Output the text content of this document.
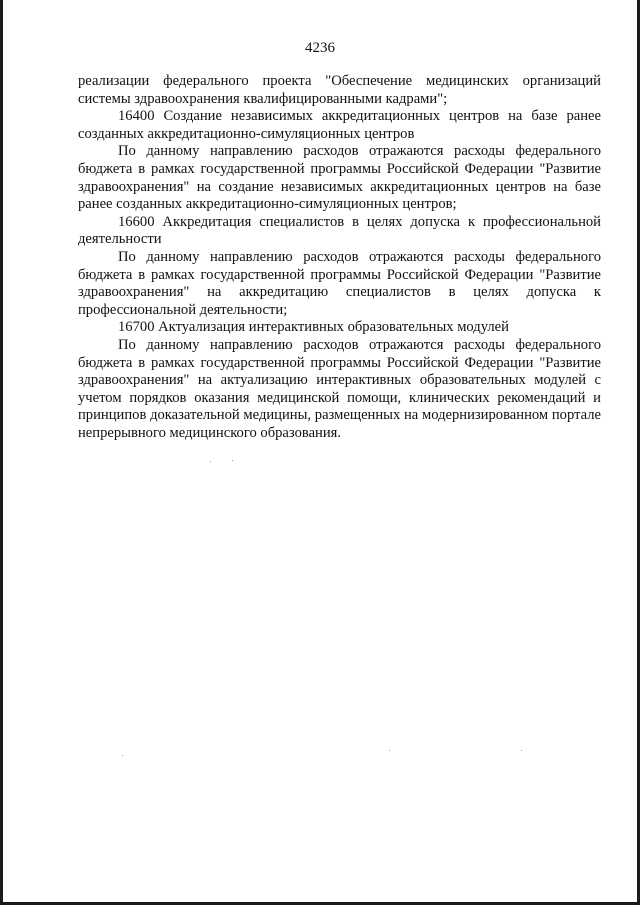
4236

реализации федерального проекта "Обеспечение медицинских организаций системы здравоохранения квалифицированными кадрами";

16400 Создание независимых аккредитационных центров на базе ранее созданных аккредитационно-симуляционных центров

По данному направлению расходов отражаются расходы федерального бюджета в рамках государственной программы Российской Федерации "Развитие здравоохранения" на создание независимых аккредитационных центров на базе ранее созданных аккредитационно-симуляционных центров;

16600 Аккредитация специалистов в целях допуска к профессиональной деятельности

По данному направлению расходов отражаются расходы федерального бюджета в рамках государственной программы Российской Федерации "Развитие здравоохранения" на аккредитацию специалистов в целях допуска к профессиональной деятельности;

16700 Актуализация интерактивных образовательных модулей

По данному направлению расходов отражаются расходы федерального бюджета в рамках государственной программы Российской Федерации "Развитие здравоохранения" на актуализацию интерактивных образовательных модулей с учетом порядков оказания медицинской помощи, клинических рекомендаций и принципов доказательной медицины, размещенных на модернизированном портале непрерывного медицинского образования.
